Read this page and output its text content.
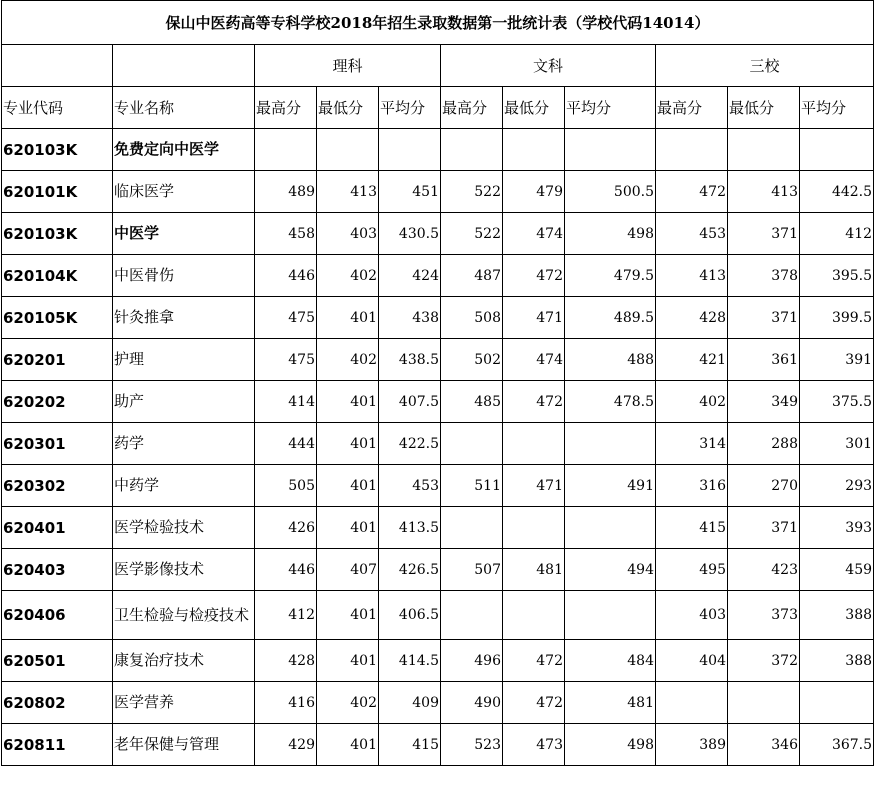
保山中医药高等专科学校2018年招生录取数据第一批统计表（学校代码14014）										
		理科			文科			三校		
专业代码	专业名称	最高分	最低分	平均分	最高分	最低分	平均分	最高分	最低分	平均分
620103K	免费定向中医学									
620101K	临床医学	489	413	451	522	479	500.5	472	413	442.5
620103K	中医学	458	403	430.5	522	474	498	453	371	412
620104K	中医骨伤	446	402	424	487	472	479.5	413	378	395.5
620105K	针灸推拿	475	401	438	508	471	489.5	428	371	399.5
620201	护理	475	402	438.5	502	474	488	421	361	391
620202	助产	414	401	407.5	485	472	478.5	402	349	375.5
620301	药学	444	401	422.5				314	288	301
620302	中药学	505	401	453	511	471	491	316	270	293
620401	医学检验技术	426	401	413.5				415	371	393
620403	医学影像技术	446	407	426.5	507	481	494	495	423	459
620406	卫生检验与检疫技术	412	401	406.5				403	373	388
620501	康复治疗技术	428	401	414.5	496	472	484	404	372	388
620802	医学营养	416	402	409	490	472	481			
620811	老年保健与管理	429	401	415	523	473	498	389	346	367.5
